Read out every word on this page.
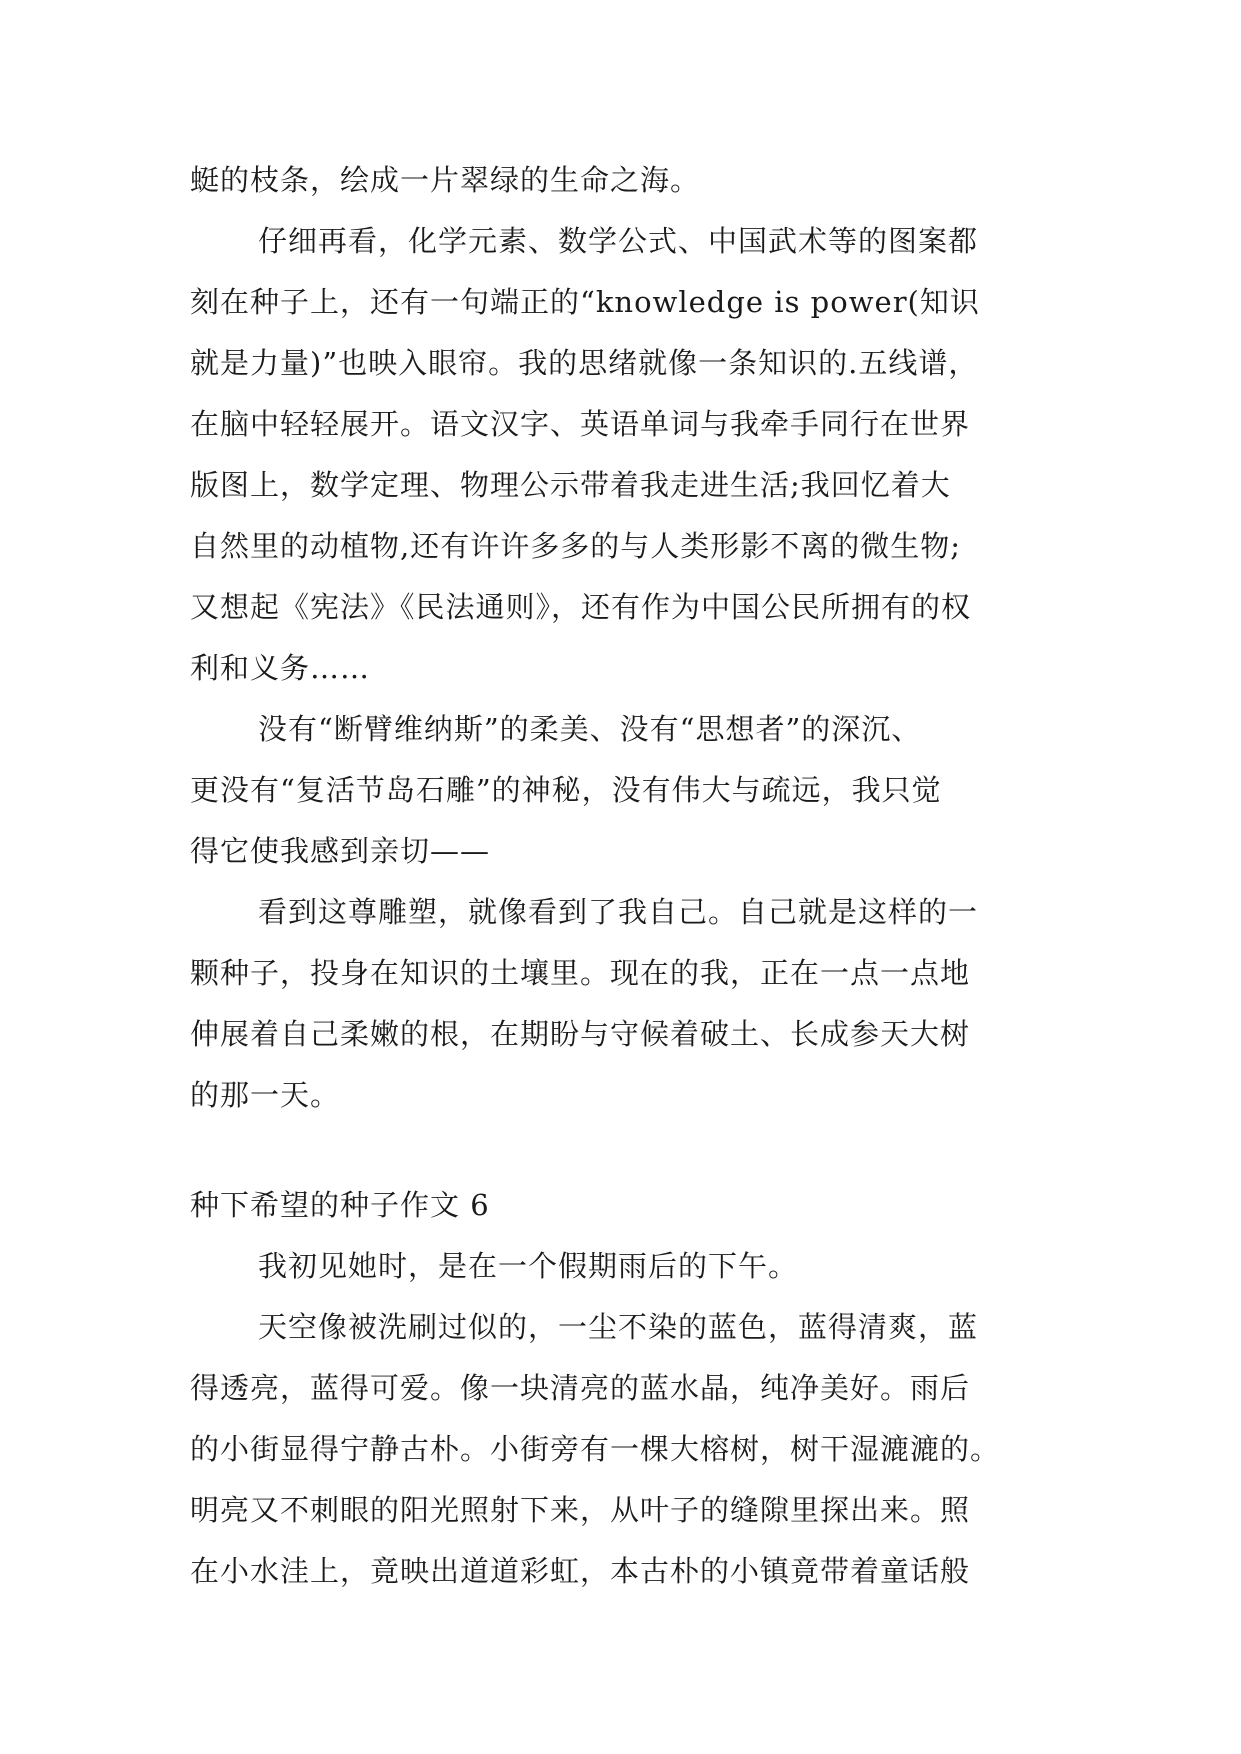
蜓的枝条，绘成一片翠绿的生命之海。
仔细再看，化学元素、数学公式、中国武术等的图案都
刻在种子上，还有一句端正的“knowledge is power(知识
就是力量)”也映入眼帘。我的思绪就像一条知识的.五线谱，
在脑中轻轻展开。语文汉字、英语单词与我牵手同行在世界
版图上，数学定理、物理公示带着我走进生活;我回忆着大
自然里的动植物,还有许许多多的与人类形影不离的微生物;
又想起《宪法》《民法通则》，还有作为中国公民所拥有的权
利和义务……
没有“断臂维纳斯”的柔美、没有“思想者”的深沉、
更没有“复活节岛石雕”的神秘，没有伟大与疏远，我只觉
得它使我感到亲切——
看到这尊雕塑，就像看到了我自己。自己就是这样的一
颗种子，投身在知识的土壤里。现在的我，正在一点一点地
伸展着自己柔嫩的根，在期盼与守候着破土、长成参天大树
的那一天。
种下希望的种子作文 6
我初见她时，是在一个假期雨后的下午。
天空像被洗刷过似的，一尘不染的蓝色，蓝得清爽，蓝
得透亮，蓝得可爱。像一块清亮的蓝水晶，纯净美好。雨后
的小街显得宁静古朴。小街旁有一棵大榕树，树干湿漉漉的。
明亮又不刺眼的阳光照射下来，从叶子的缝隙里探出来。照
在小水洼上，竟映出道道彩虹，本古朴的小镇竟带着童话般
